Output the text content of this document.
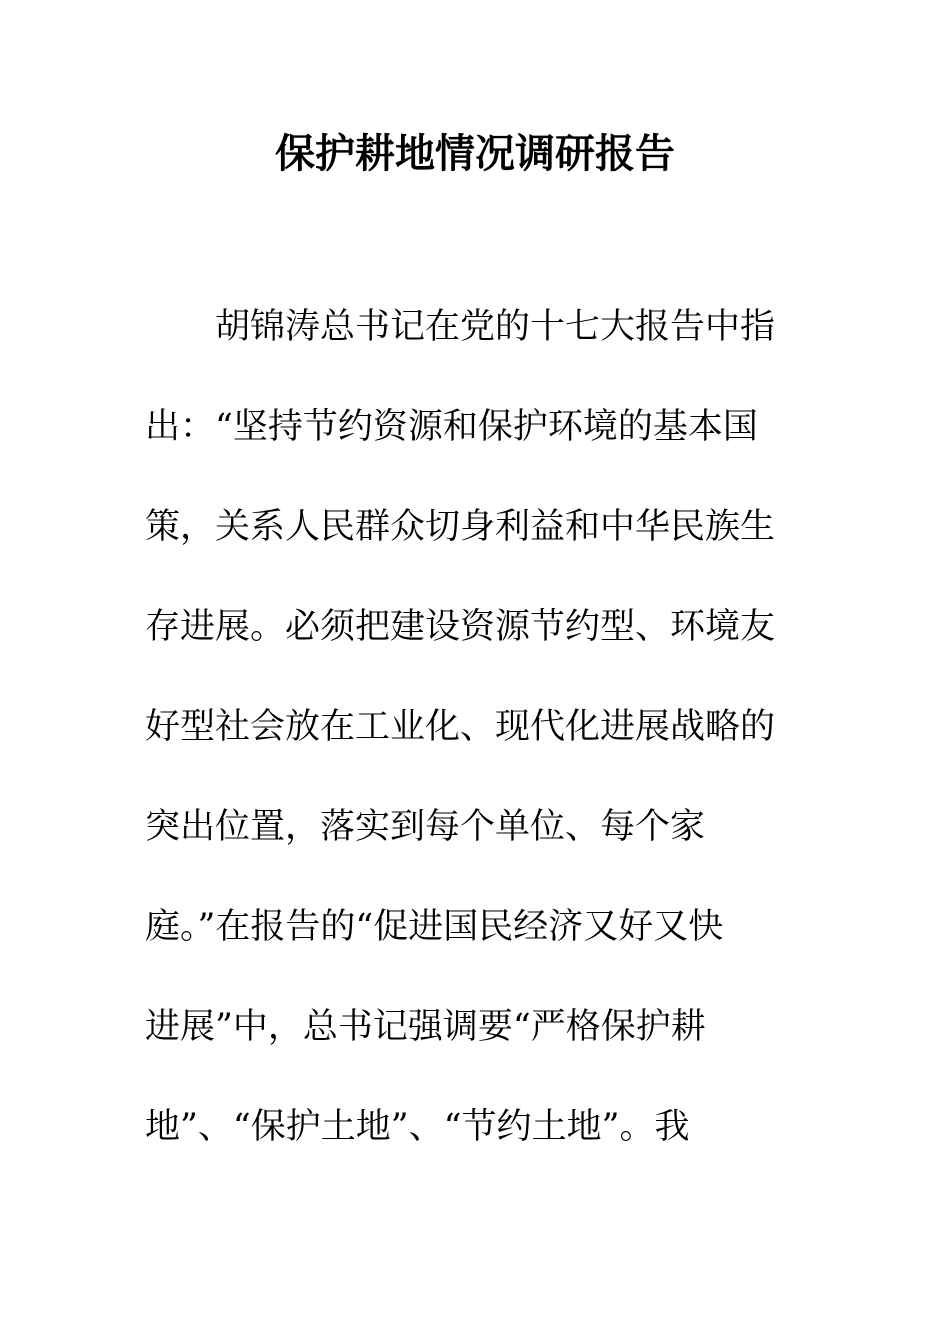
保护耕地情况调研报告
胡锦涛总书记在党的十七大报告中指
出：“坚持节约资源和保护环境的基本国
策，关系人民群众切身利益和中华民族生
存进展。必须把建设资源节约型、环境友
好型社会放在工业化、现代化进展战略的
突出位置，落实到每个单位、每个家
庭。”在报告的“促进国民经济又好又快
进展”中，总书记强调要“严格保护耕
地”、“保护土地”、“节约土地”。我
